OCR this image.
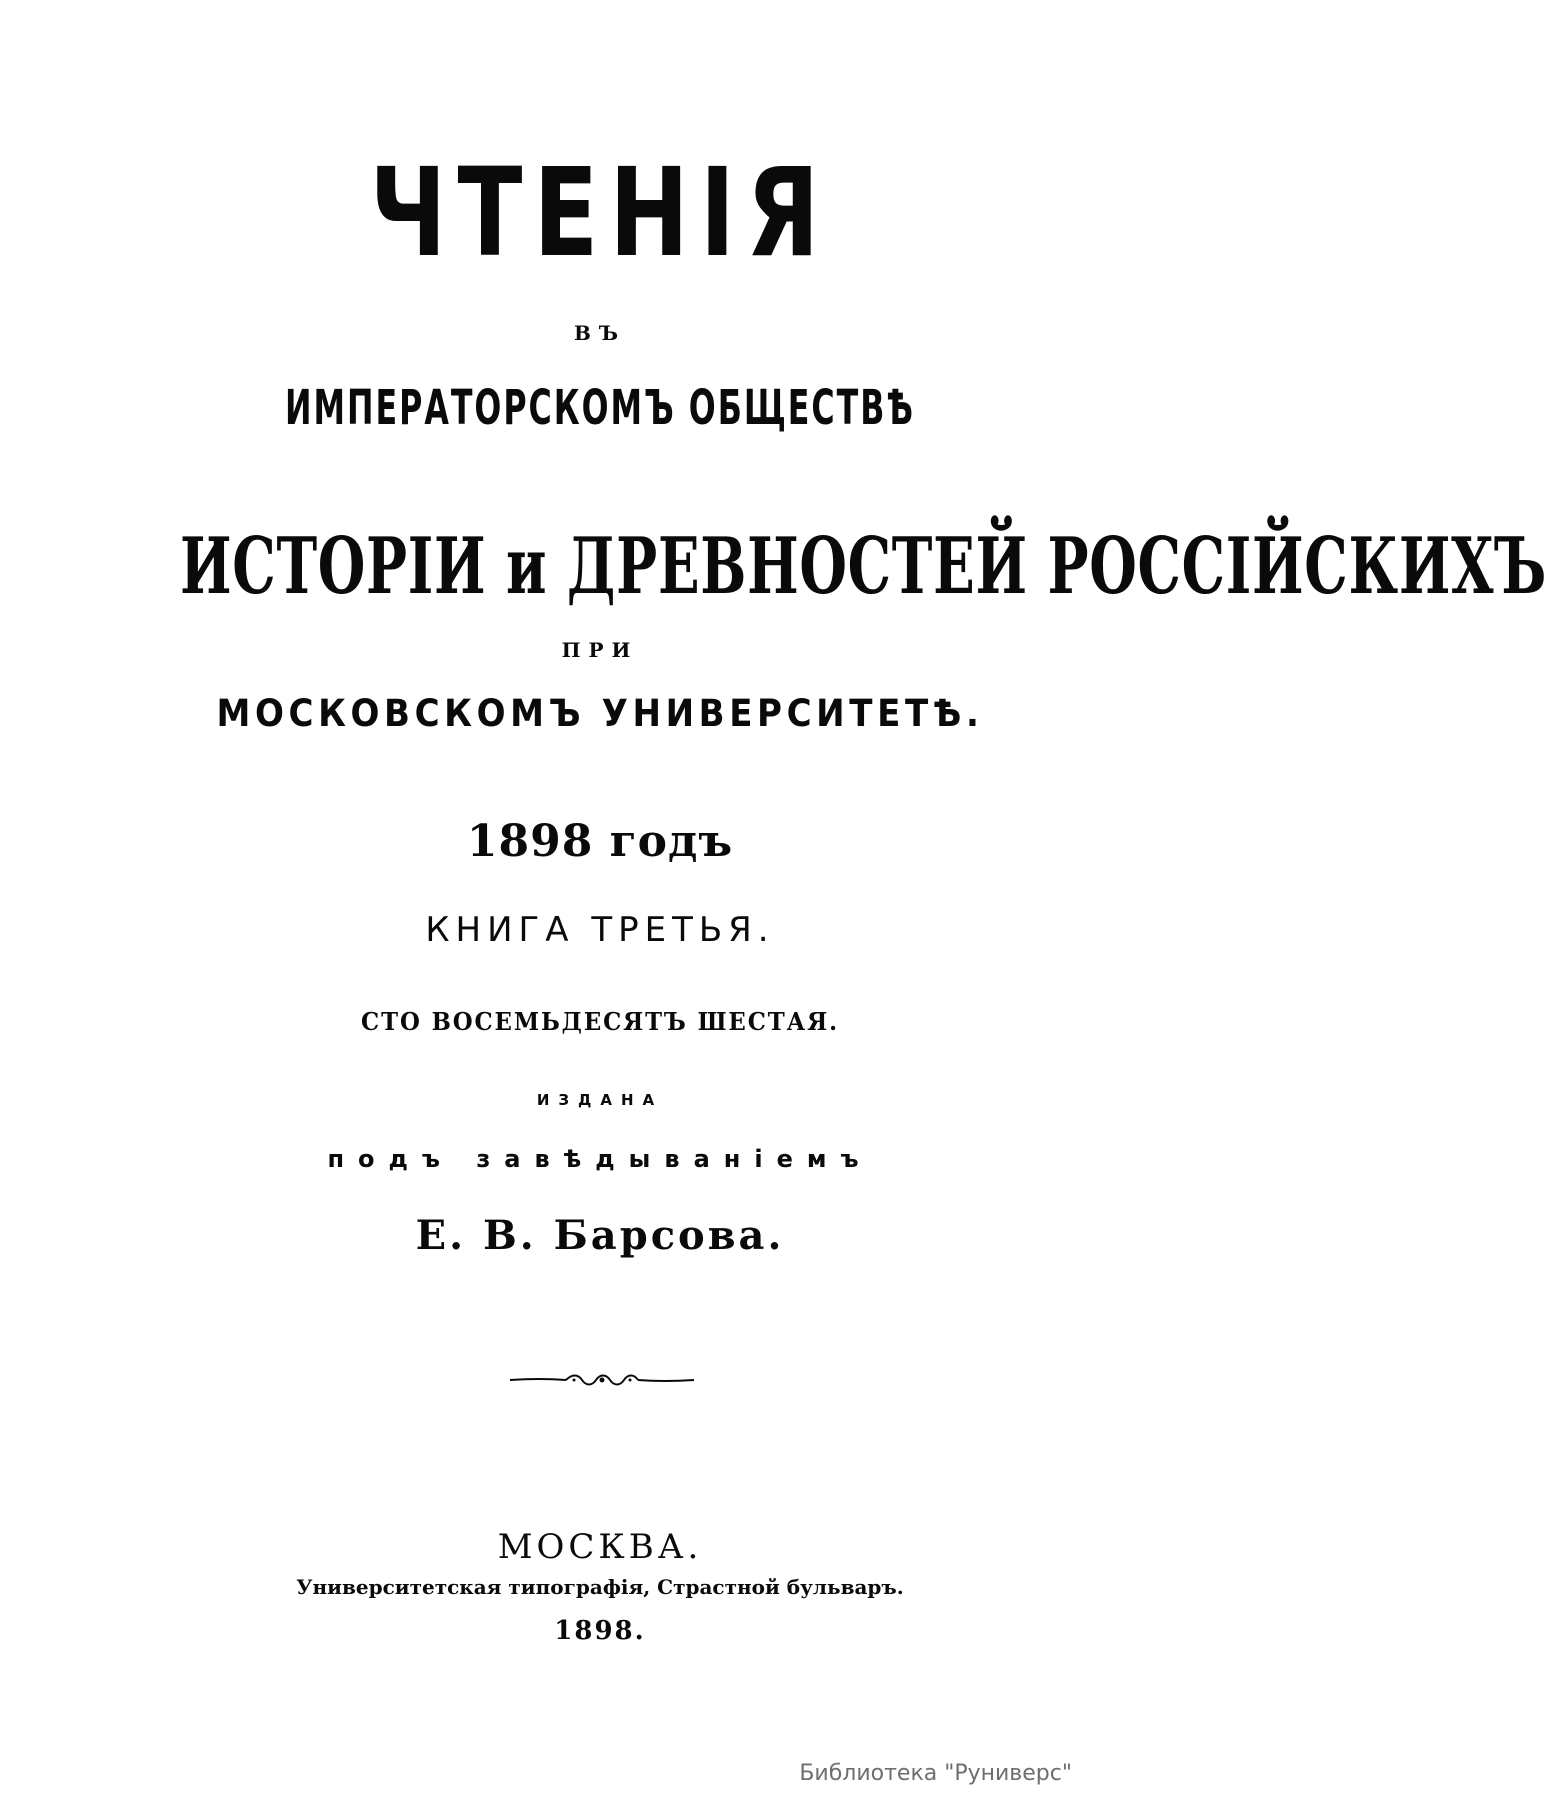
ЧТЕНІЯ
ВЪ
ИМПЕРАТОРСКОМЪ ОБЩЕСТВѢ
ИСТОРІИ и ДРЕВНОСТЕЙ РОССІЙСКИХЪ
ПРИ
МОСКОВСКОМЪ УНИВЕРСИТЕТѢ.
1898 годъ
КНИГА ТРЕТЬЯ.
СТО ВОСЕМЬДЕСЯТЪ ШЕСТАЯ.
ИЗДАНА
подъ завѣдываніемъ
Е. В. Барсова.
МОСКВА.
Университетская типографія, Страстной бульваръ.
1898.
Библиотека "Руниверс"
